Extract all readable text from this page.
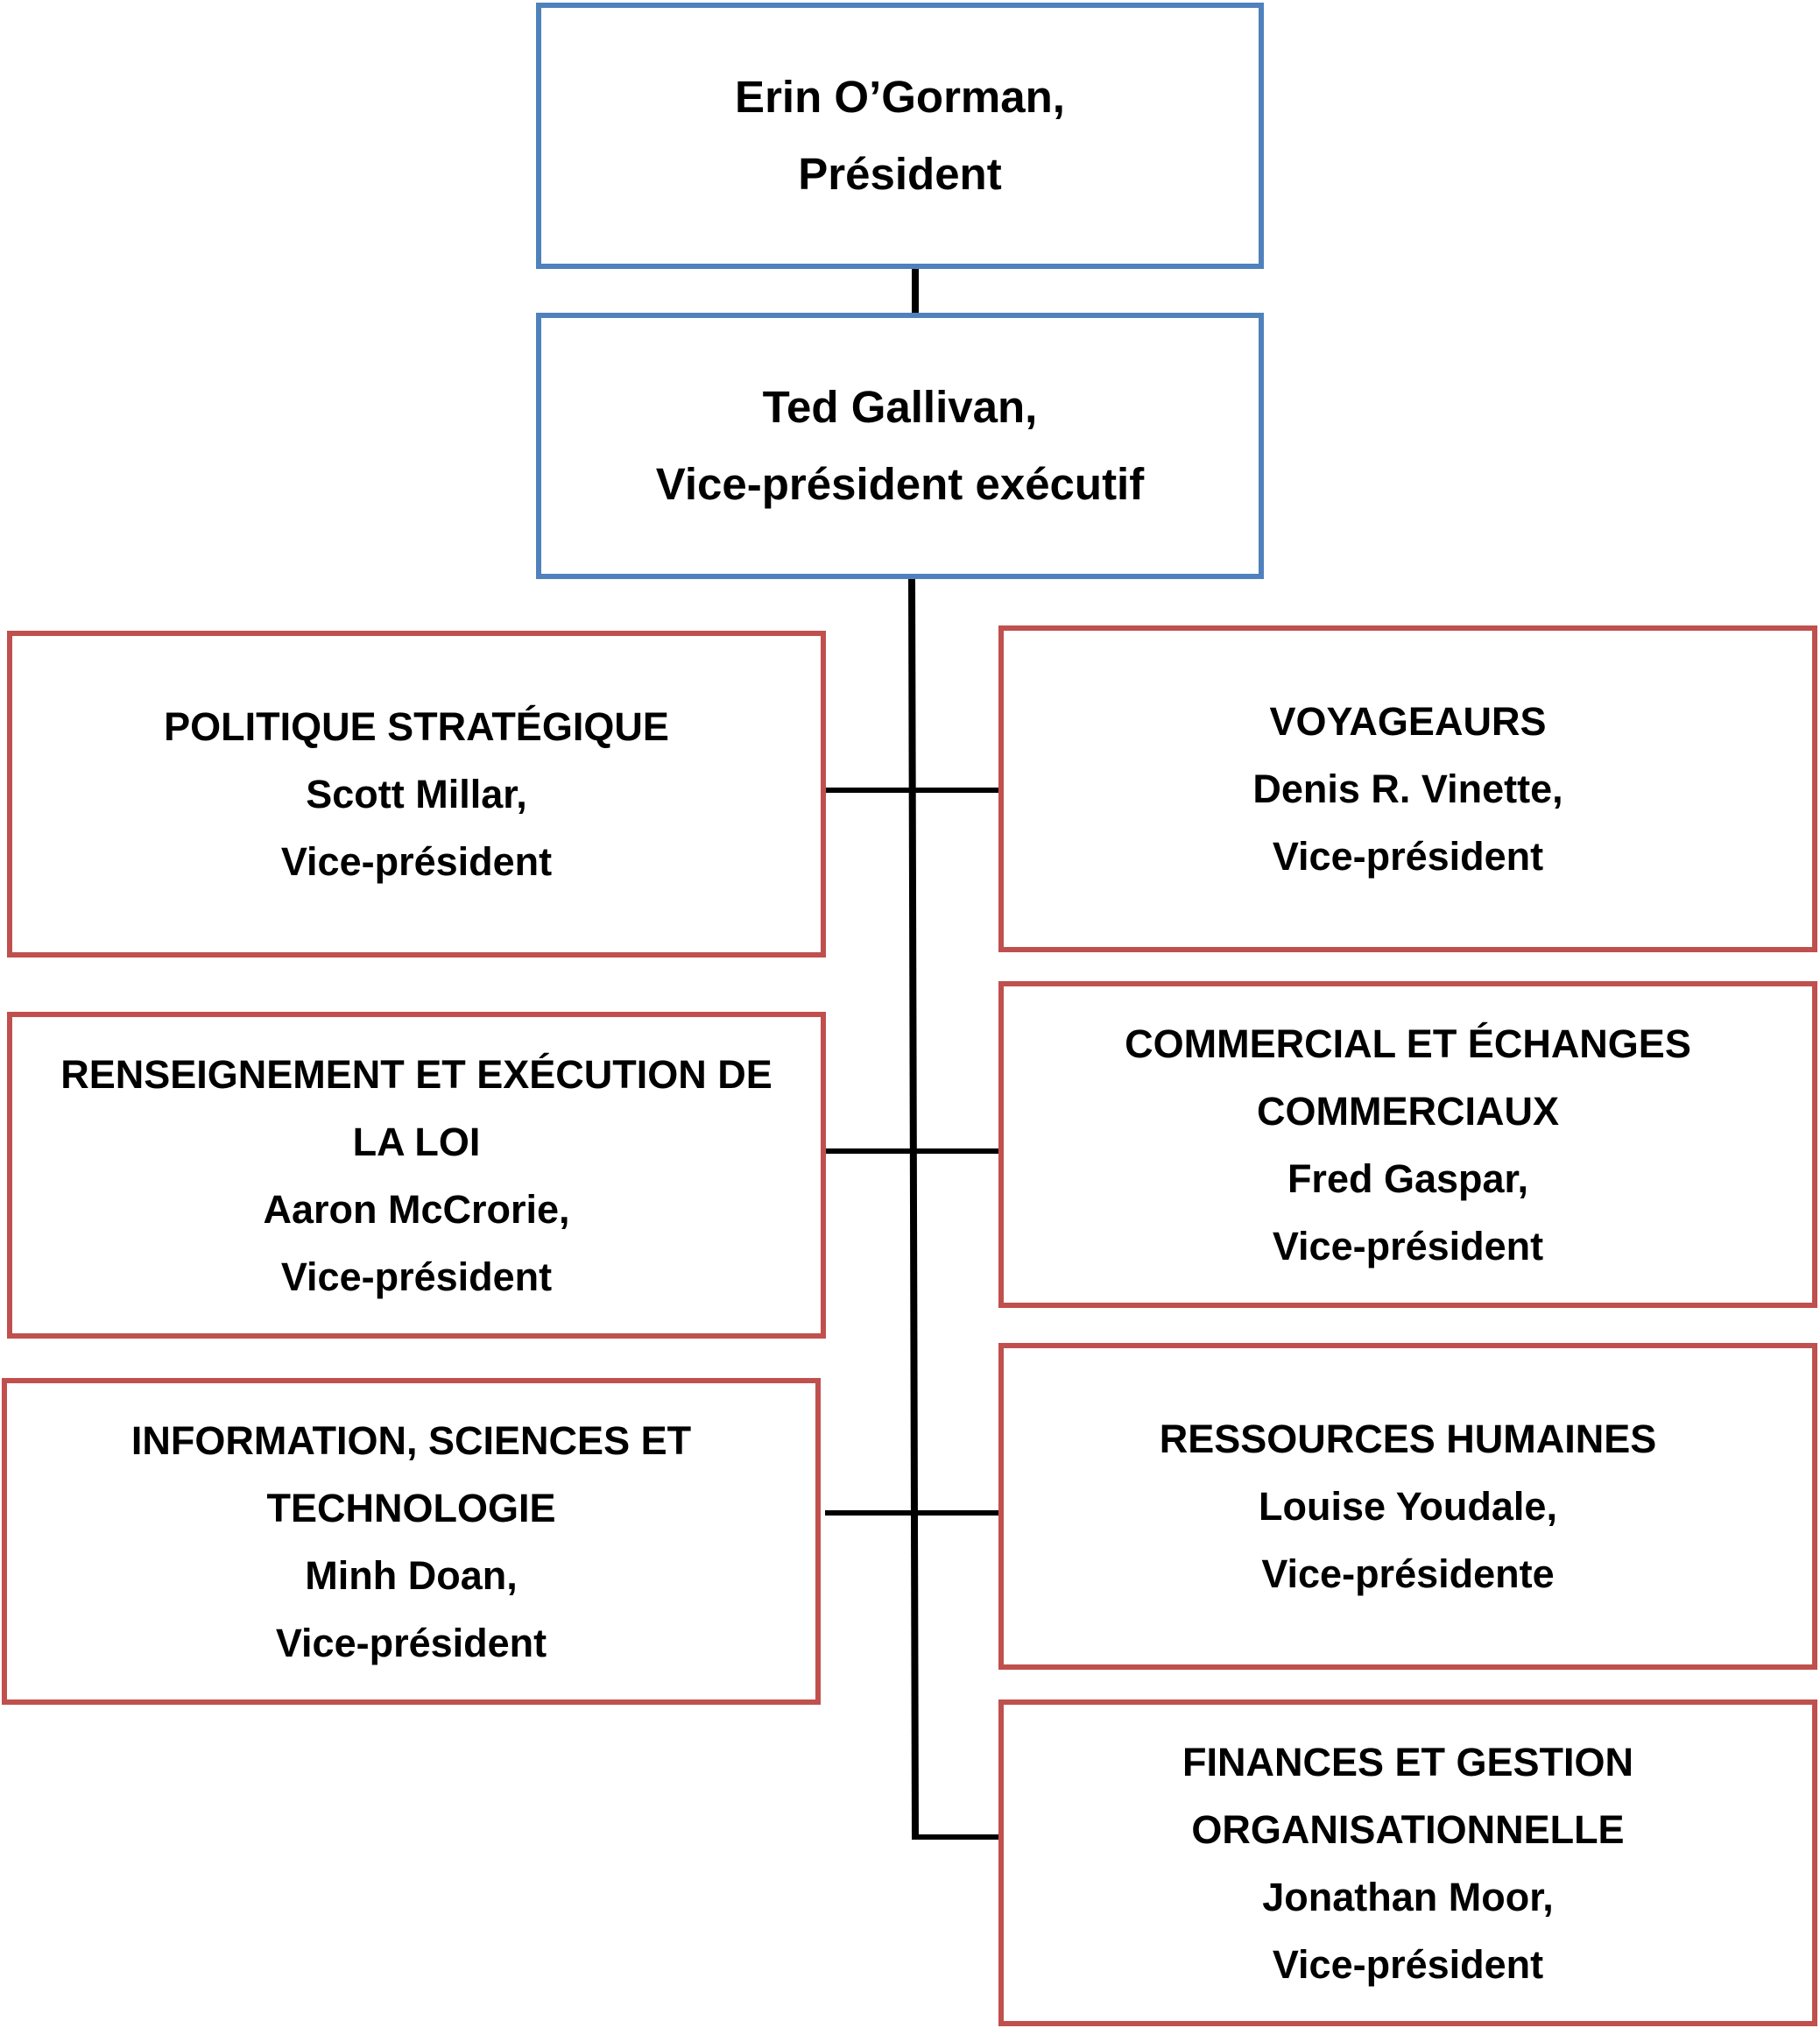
Erin O’Gorman,
Président
Ted Gallivan,
Vice-président exécutif
POLITIQUE STRATÉGIQUE
Scott Millar,
Vice-président
RENSEIGNEMENT ET EXÉCUTION DE
LA LOI
Aaron McCrorie,
Vice-président
INFORMATION, SCIENCES ET
TECHNOLOGIE
Minh Doan,
Vice-président
VOYAGEAURS
Denis R. Vinette,
Vice-président
COMMERCIAL ET ÉCHANGES
COMMERCIAUX
Fred Gaspar,
Vice-président
RESSOURCES HUMAINES
Louise Youdale,
Vice-présidente
FINANCES ET GESTION
ORGANISATIONNELLE
Jonathan Moor,
Vice-président
